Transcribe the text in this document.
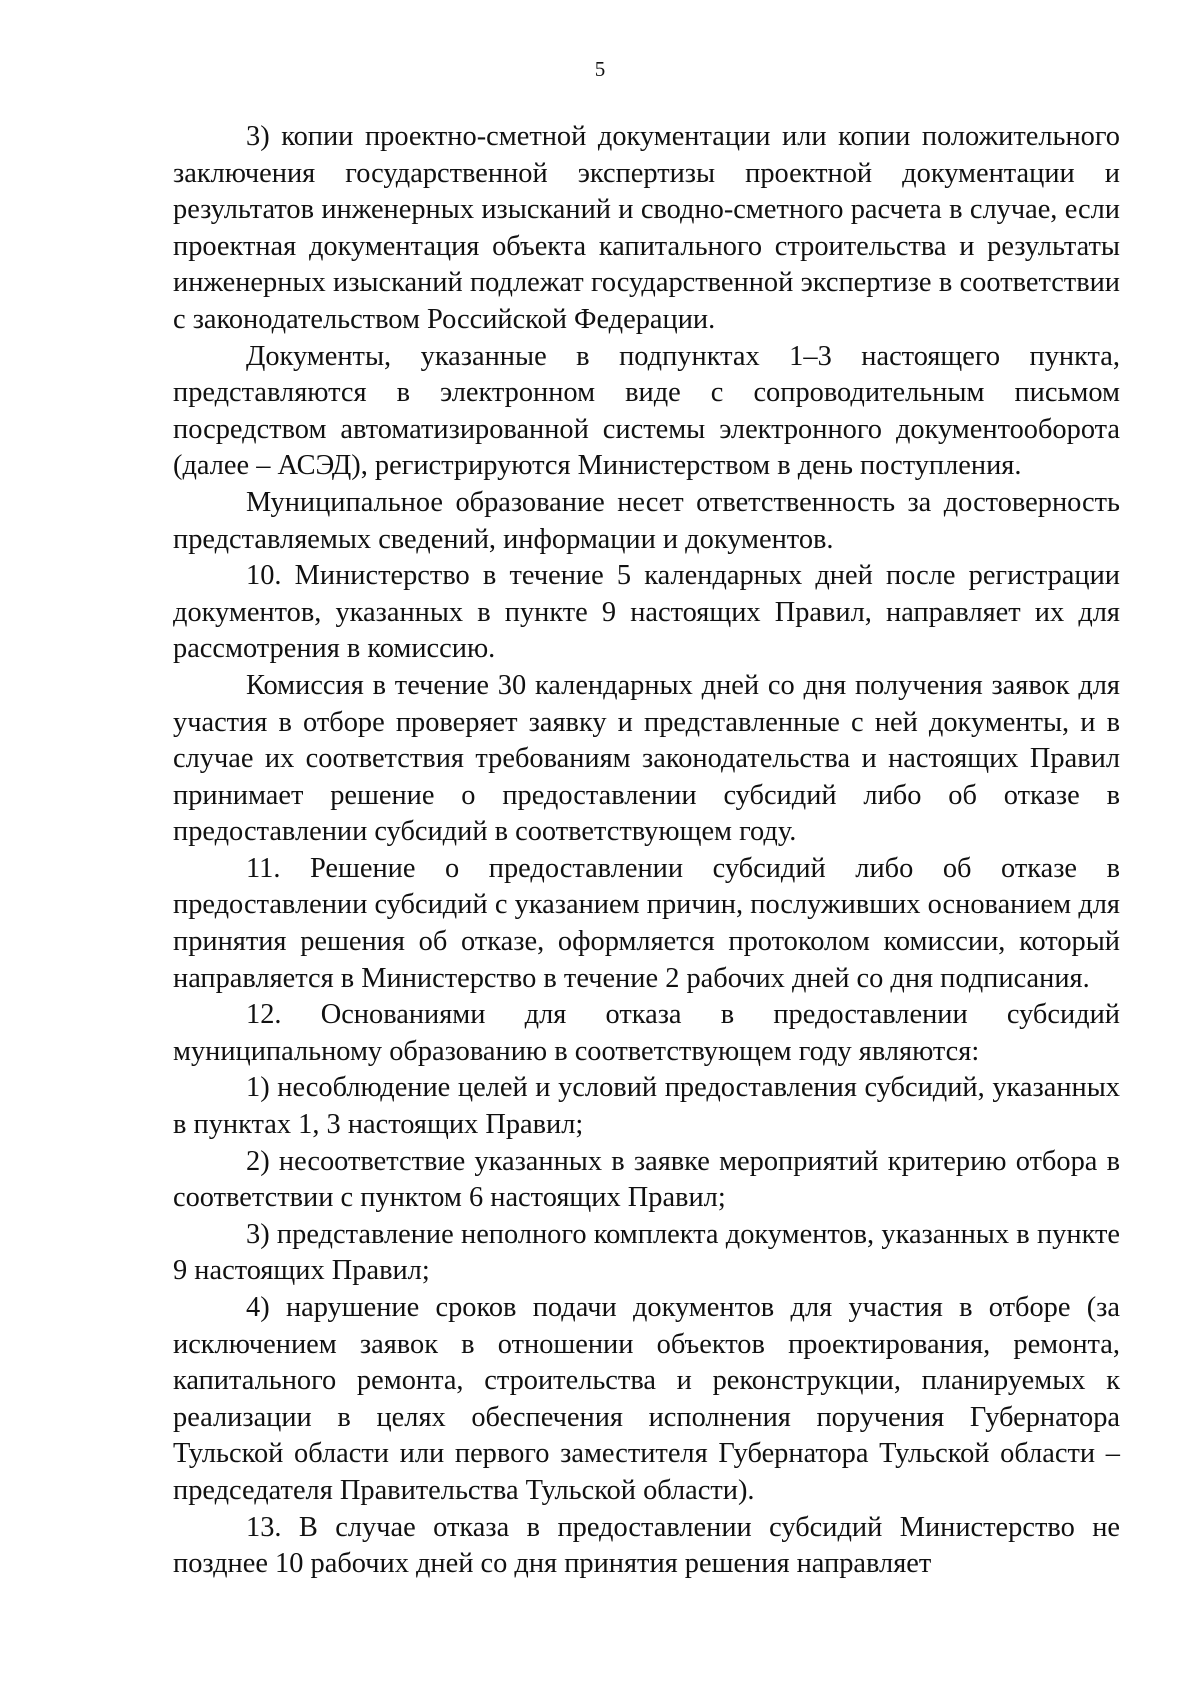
5

3) копии проектно-сметной документации или копии положительного заключения государственной экспертизы проектной документации и результатов инженерных изысканий и сводно-сметного расчета в случае, если проектная документация объекта капитального строительства и результаты инженерных изысканий подлежат государственной экспертизе в соответствии с законодательством Российской Федерации.

Документы, указанные в подпунктах 1–3 настоящего пункта, представляются в электронном виде с сопроводительным письмом посредством автоматизированной системы электронного документооборота (далее – АСЭД), регистрируются Министерством в день поступления.

Муниципальное образование несет ответственность за достоверность представляемых сведений, информации и документов.

10. Министерство в течение 5 календарных дней после регистрации документов, указанных в пункте 9 настоящих Правил, направляет их для рассмотрения в комиссию.

Комиссия в течение 30 календарных дней со дня получения заявок для участия в отборе проверяет заявку и представленные с ней документы, и в случае их соответствия требованиям законодательства и настоящих Правил принимает решение о предоставлении субсидий либо об отказе в предоставлении субсидий в соответствующем году.

11. Решение о предоставлении субсидий либо об отказе в предоставлении субсидий с указанием причин, послуживших основанием для принятия решения об отказе, оформляется протоколом комиссии, который направляется в Министерство в течение 2 рабочих дней со дня подписания.

12. Основаниями для отказа в предоставлении субсидий муниципальному образованию в соответствующем году являются:

1) несоблюдение целей и условий предоставления субсидий, указанных в пунктах 1, 3 настоящих Правил;

2) несоответствие указанных в заявке мероприятий критерию отбора в соответствии с пунктом 6 настоящих Правил;

3) представление неполного комплекта документов, указанных в пункте 9 настоящих Правил;

4) нарушение сроков подачи документов для участия в отборе (за исключением заявок в отношении объектов проектирования, ремонта, капитального ремонта, строительства и реконструкции, планируемых к реализации в целях обеспечения исполнения поручения Губернатора Тульской области или первого заместителя Губернатора Тульской области – председателя Правительства Тульской области).

13. В случае отказа в предоставлении субсидий Министерство не позднее 10 рабочих дней со дня принятия решения направляет
